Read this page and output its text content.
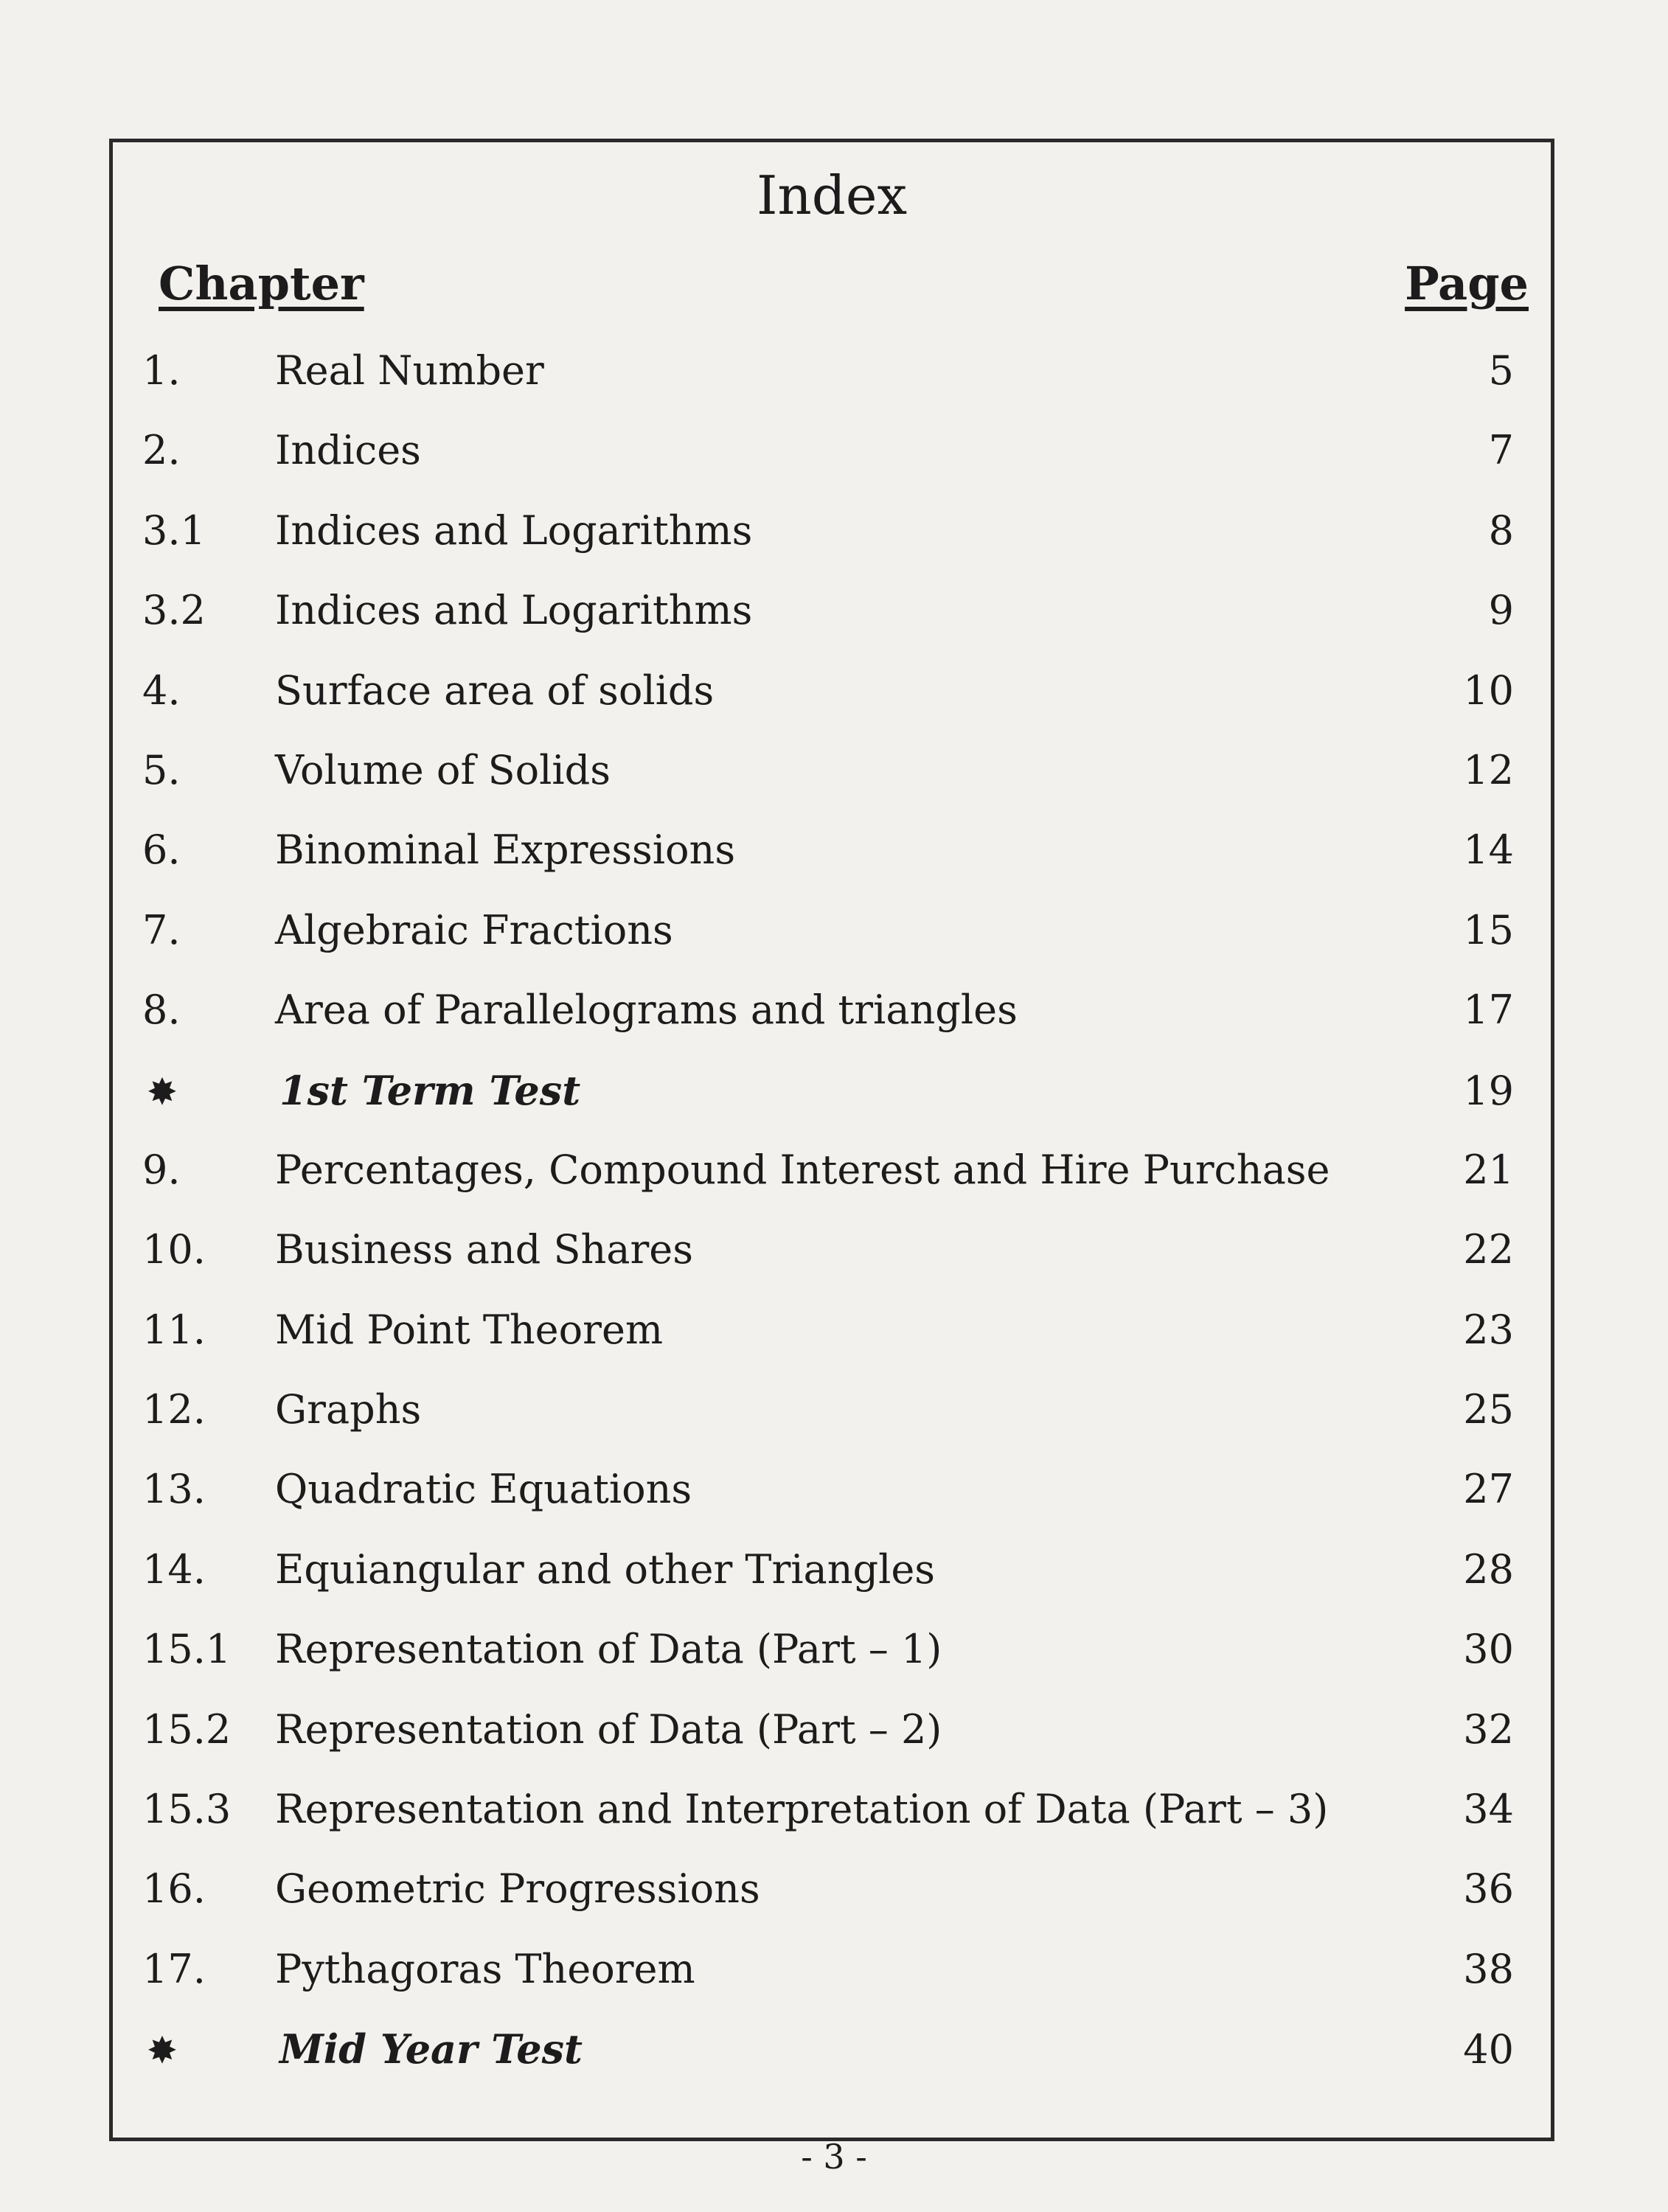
Index
Chapter	Page
1.	Real Number	5
2.	Indices	7
3.1	Indices and Logarithms	8
3.2	Indices and Logarithms	9
4.	Surface area of solids	10
5.	Volume of Solids	12
6.	Binominal Expressions	14
7.	Algebraic Fractions	15
8.	Area of Parallelograms and triangles	17
✸	1st Term Test	19
9.	Percentages, Compound Interest and Hire Purchase	21
10.	Business and Shares	22
11.	Mid Point Theorem	23
12.	Graphs	25
13.	Quadratic Equations	27
14.	Equiangular and other Triangles	28
15.1	Representation of Data (Part – 1)	30
15.2	Representation of Data (Part – 2)	32
15.3	Representation and Interpretation of Data (Part – 3)	34
16.	Geometric Progressions	36
17.	Pythagoras Theorem	38
✸	Mid Year Test	40
- 3 -
